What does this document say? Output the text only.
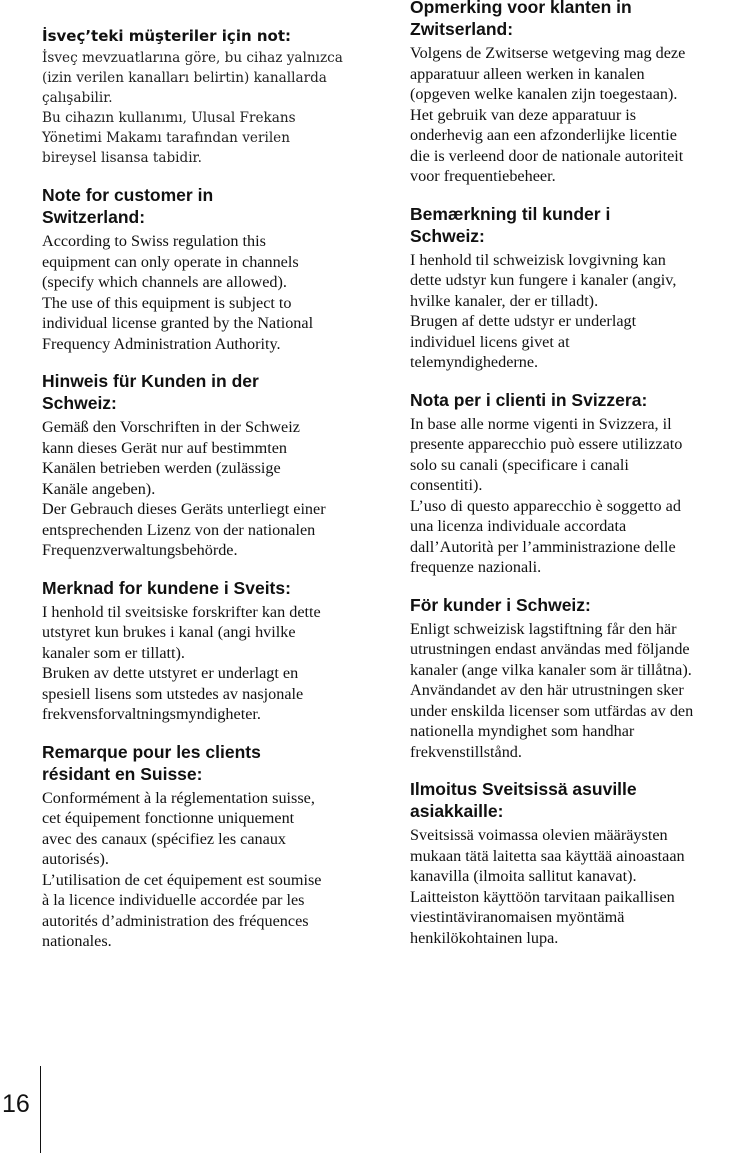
İsveç’teki müşteriler için not:

İsveç mevzuatlarına göre, bu cihaz yalnızca
(izin verilen kanalları belirtin) kanallarda
çalışabilir.
Bu cihazın kullanımı, Ulusal Frekans
Yönetimi Makamı tarafından verilen
bireysel lisansa tabidir.

Note for customer in Switzerland:

According to Swiss regulation this
equipment can only operate in channels
(specify which channels are allowed).
The use of this equipment is subject to
individual license granted by the National
Frequency Administration Authority.

Hinweis für Kunden in der Schweiz:

Gemäß den Vorschriften in der Schweiz
kann dieses Gerät nur auf bestimmten
Kanälen betrieben werden (zulässige
Kanäle angeben).
Der Gebrauch dieses Geräts unterliegt einer
entsprechenden Lizenz von der nationalen
Frequenzverwaltungsbehörde.

Merknad for kundene i Sveits:

I henhold til sveitsiske forskrifter kan dette
utstyret kun brukes i kanal (angi hvilke
kanaler som er tillatt).
Bruken av dette utstyret er underlagt en
spesiell lisens som utstedes av nasjonale
frekvensforvaltningsmyndigheter.

Remarque pour les clients résidant en Suisse:

Conformément à la réglementation suisse,
cet équipement fonctionne uniquement
avec des canaux (spécifiez les canaux
autorisés).
L’utilisation de cet équipement est soumise
à la licence individuelle accordée par les
autorités d’administration des fréquences
nationales.

Opmerking voor klanten in Zwitserland:

Volgens de Zwitserse wetgeving mag deze
apparatuur alleen werken in kanalen
(opgeven welke kanalen zijn toegestaan).
Het gebruik van deze apparatuur is
onderhevig aan een afzonderlijke licentie
die is verleend door de nationale autoriteit
voor frequentiebeheer.

Bemærkning til kunder i Schweiz:

I henhold til schweizisk lovgivning kan
dette udstyr kun fungere i kanaler (angiv,
hvilke kanaler, der er tilladt).
Brugen af dette udstyr er underlagt
individuel licens givet at
telemyndighederne.

Nota per i clienti in Svizzera:

In base alle norme vigenti in Svizzera, il
presente apparecchio può essere utilizzato
solo su canali (specificare i canali
consentiti).
L’uso di questo apparecchio è soggetto ad
una licenza individuale accordata
dall’Autorità per l’amministrazione delle
frequenze nazionali.

För kunder i Schweiz:

Enligt schweizisk lagstiftning får den här
utrustningen endast användas med följande
kanaler (ange vilka kanaler som är tillåtna).
Användandet av den här utrustningen sker
under enskilda licenser som utfärdas av den
nationella myndighet som handhar
frekvenstillstånd.

Ilmoitus Sveitsissä asuville asiakkaille:

Sveitsissä voimassa olevien määräysten
mukaan tätä laitetta saa käyttää ainoastaan
kanavilla (ilmoita sallitut kanavat).
Laitteiston käyttöön tarvitaan paikallisen
viestintäviranomaisen myöntämä
henkilökohtainen lupa.

16
